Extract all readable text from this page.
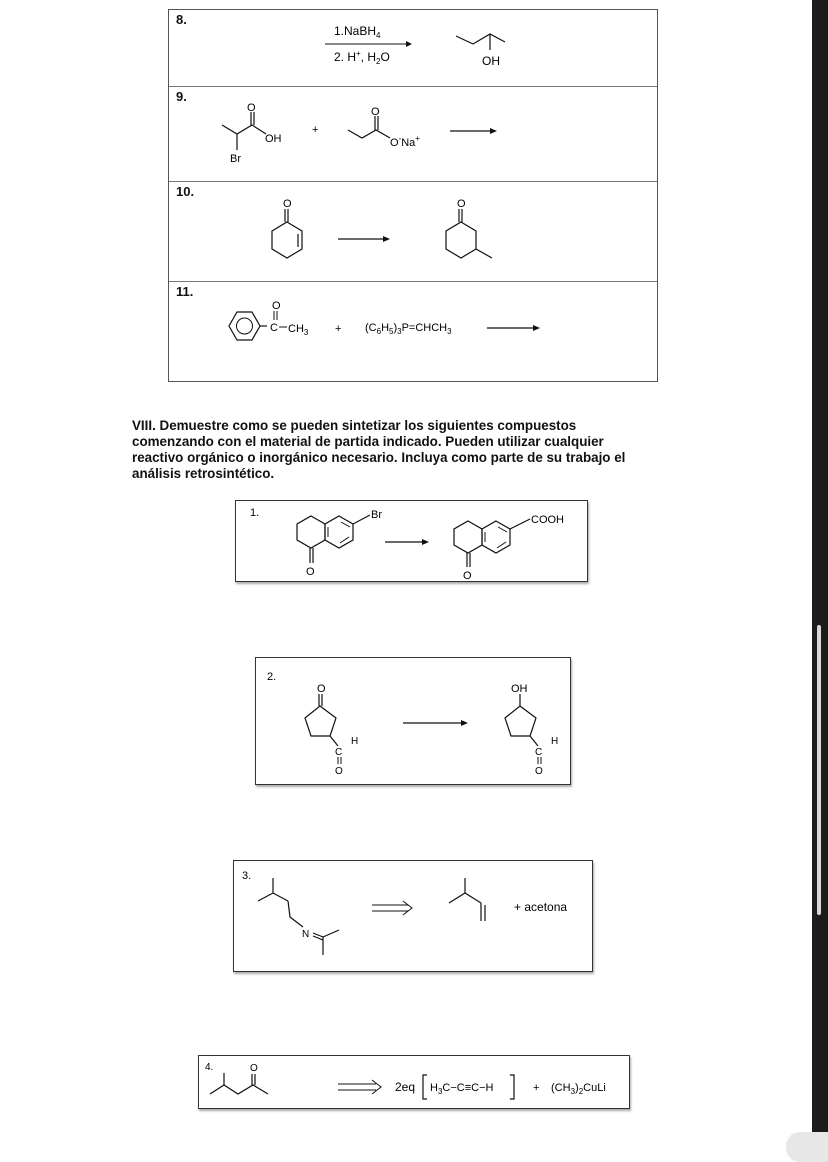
8.
1.NaBH$_4$
2. H+, $H_2O$	OH
9.
O
OH
Br
+
O
O-Na+
10.
O	O
11.
O
C $CH_3$ + $(C_6H_5)_3P=CHCH_3$
VIII. Demuestre como se pueden sintetizar los siguientes compuestos
comenzando con el material de partida indicado. Pueden utilizar cualquier
reactivo orgánico o inorgánico necesario. Incluya como parte de su trabajo el
análisis retrosintético.
1.	Br
O
COOH
O
2.
O
C
H
O
OH
C
H
O
3.
N
+ acetona
4.	O
2eq $H_3C-C\equiv C-H$	+ $(CH_3)_2CuLi$
